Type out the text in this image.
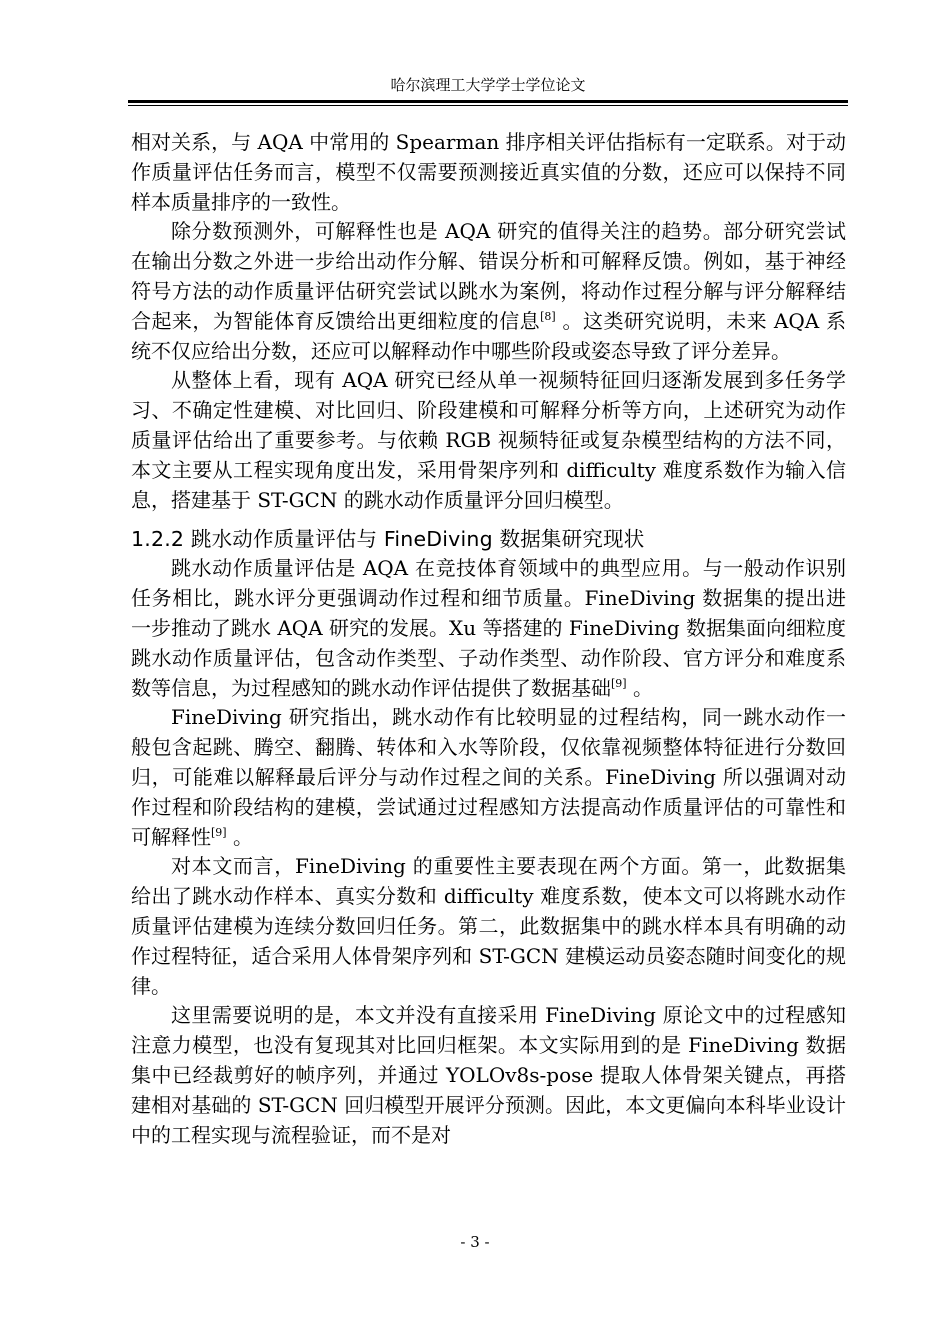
哈尔滨理工大学学士学位论文

相对关系，与 AQA 中常用的 Spearman 排序相关评估指标有一定联系。对于动作质量评估任务而言，模型不仅需要预测接近真实值的分数，还应可以保持不同样本质量排序的一致性。

除分数预测外，可解释性也是 AQA 研究的值得关注的趋势。部分研究尝试在输出分数之外进一步给出动作分解、错误分析和可解释反馈。例如，基于神经符号方法的动作质量评估研究尝试以跳水为案例，将动作过程分解与评分解释结合起来，为智能体育反馈给出更细粒度的信息[8] 。这类研究说明，未来 AQA 系统不仅应给出分数，还应可以解释动作中哪些阶段或姿态导致了评分差异。

从整体上看，现有 AQA 研究已经从单一视频特征回归逐渐发展到多任务学习、不确定性建模、对比回归、阶段建模和可解释分析等方向，上述研究为动作质量评估给出了重要参考。与依赖 RGB 视频特征或复杂模型结构的方法不同，本文主要从工程实现角度出发，采用骨架序列和 difficulty 难度系数作为输入信息，搭建基于 ST-GCN 的跳水动作质量评分回归模型。

1.2.2 跳水动作质量评估与 FineDiving 数据集研究现状

跳水动作质量评估是 AQA 在竞技体育领域中的典型应用。与一般动作识别任务相比，跳水评分更强调动作过程和细节质量。FineDiving 数据集的提出进一步推动了跳水 AQA 研究的发展。Xu 等搭建的 FineDiving 数据集面向细粒度跳水动作质量评估，包含动作类型、子动作类型、动作阶段、官方评分和难度系数等信息，为过程感知的跳水动作评估提供了数据基础[9] 。

FineDiving 研究指出，跳水动作有比较明显的过程结构，同一跳水动作一般包含起跳、腾空、翻腾、转体和入水等阶段，仅依靠视频整体特征进行分数回归，可能难以解释最后评分与动作过程之间的关系。FineDiving 所以强调对动作过程和阶段结构的建模，尝试通过过程感知方法提高动作质量评估的可靠性和可解释性[9] 。

对本文而言，FineDiving 的重要性主要表现在两个方面。第一，此数据集给出了跳水动作样本、真实分数和 difficulty 难度系数，使本文可以将跳水动作质量评估建模为连续分数回归任务。第二，此数据集中的跳水样本具有明确的动作过程特征，适合采用人体骨架序列和 ST-GCN 建模运动员姿态随时间变化的规律。

这里需要说明的是，本文并没有直接采用 FineDiving 原论文中的过程感知注意力模型，也没有复现其对比回归框架。本文实际用到的是 FineDiving 数据集中已经裁剪好的帧序列，并通过 YOLOv8s-pose 提取人体骨架关键点，再搭建相对基础的 ST-GCN 回归模型开展评分预测。因此，本文更偏向本科毕业设计中的工程实现与流程验证，而不是对

- 3 -
